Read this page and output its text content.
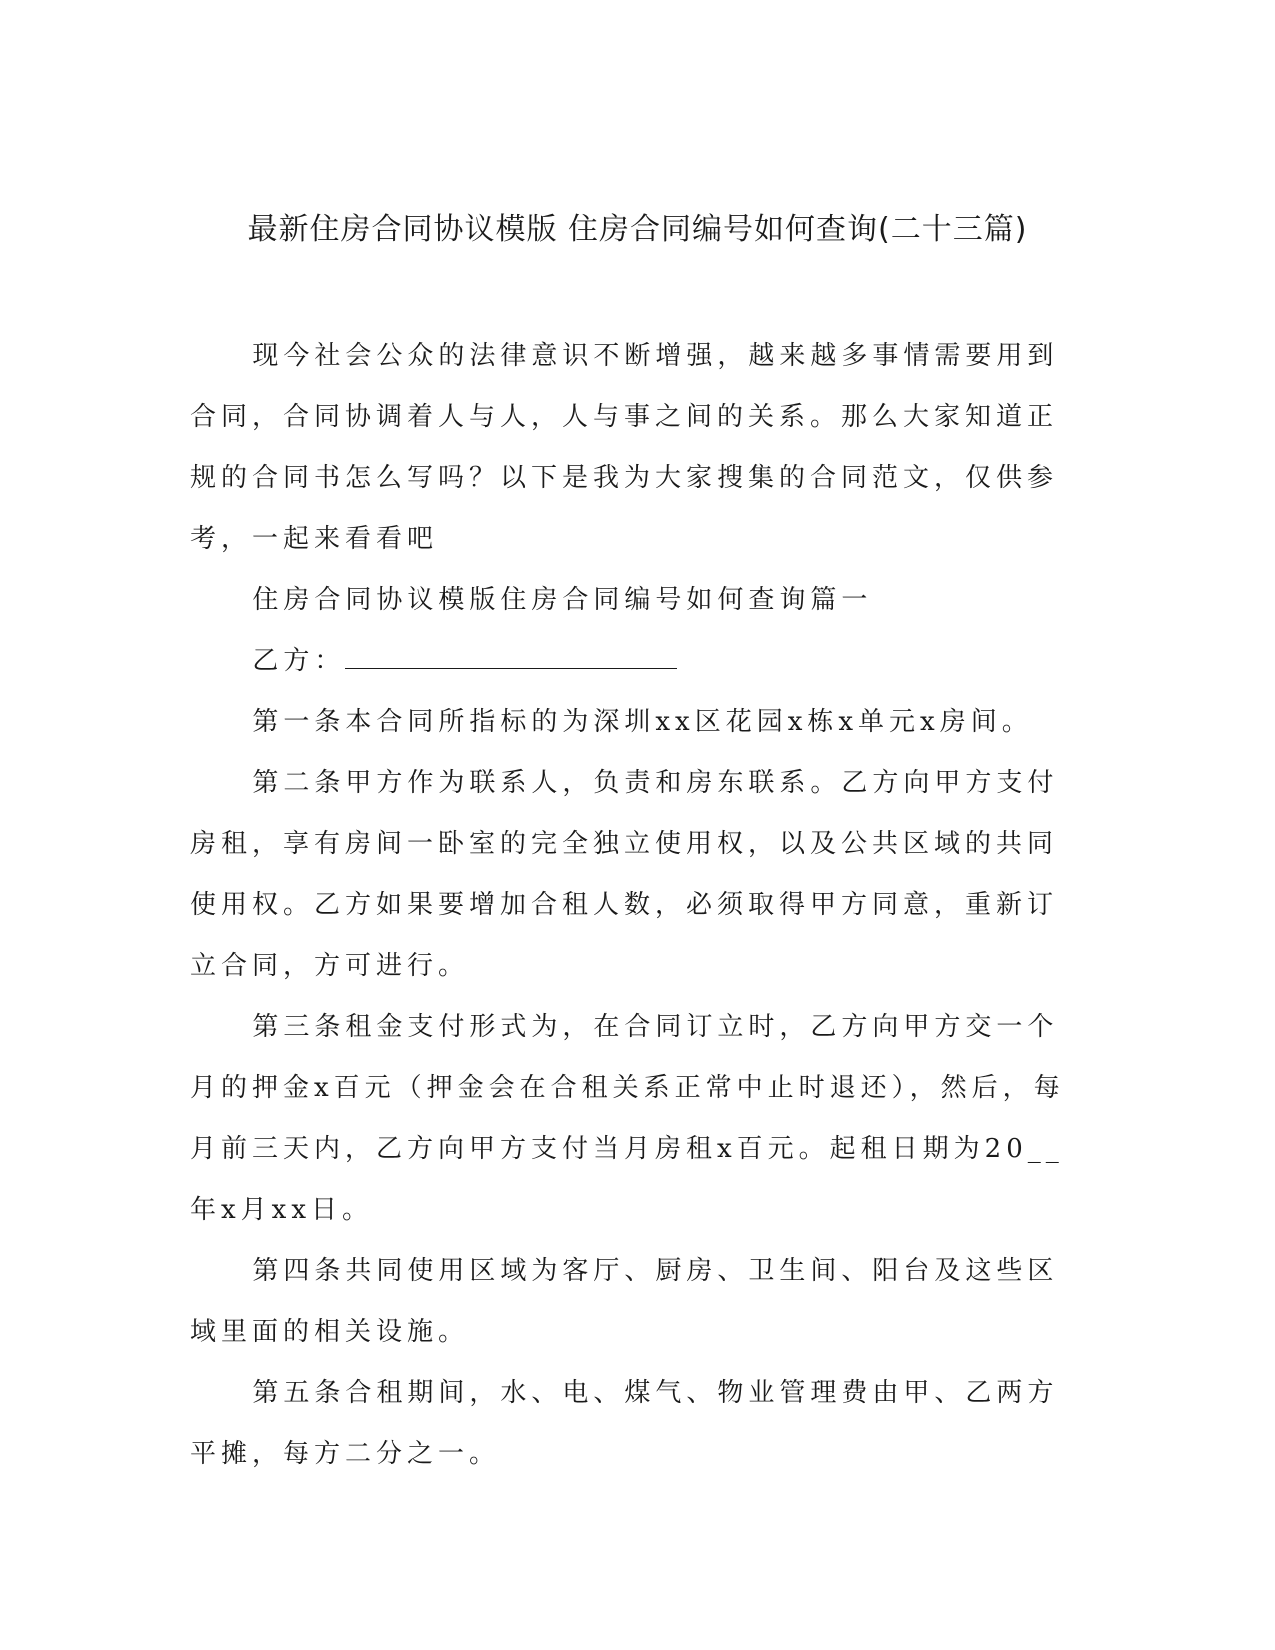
最新住房合同协议模版 住房合同编号如何查询(二十三篇)

现今社会公众的法律意识不断增强，越来越多事情需要用到合同，合同协调着人与人，人与事之间的关系。那么大家知道正规的合同书怎么写吗？以下是我为大家搜集的合同范文，仅供参考，一起来看看吧

住房合同协议模版住房合同编号如何查询篇一

乙方：

第一条本合同所指标的为深圳xx区花园x栋x单元x房间。

第二条甲方作为联系人，负责和房东联系。乙方向甲方支付房租，享有房间一卧室的完全独立使用权，以及公共区域的共同使用权。乙方如果要增加合租人数，必须取得甲方同意，重新订立合同，方可进行。

第三条租金支付形式为，在合同订立时，乙方向甲方交一个月的押金x百元（押金会在合租关系正常中止时退还），然后，每月前三天内，乙方向甲方支付当月房租x百元。起租日期为20__年x月xx日。

第四条共同使用区域为客厅、厨房、卫生间、阳台及这些区域里面的相关设施。

第五条合租期间，水、电、煤气、物业管理费由甲、乙两方平摊，每方二分之一。
